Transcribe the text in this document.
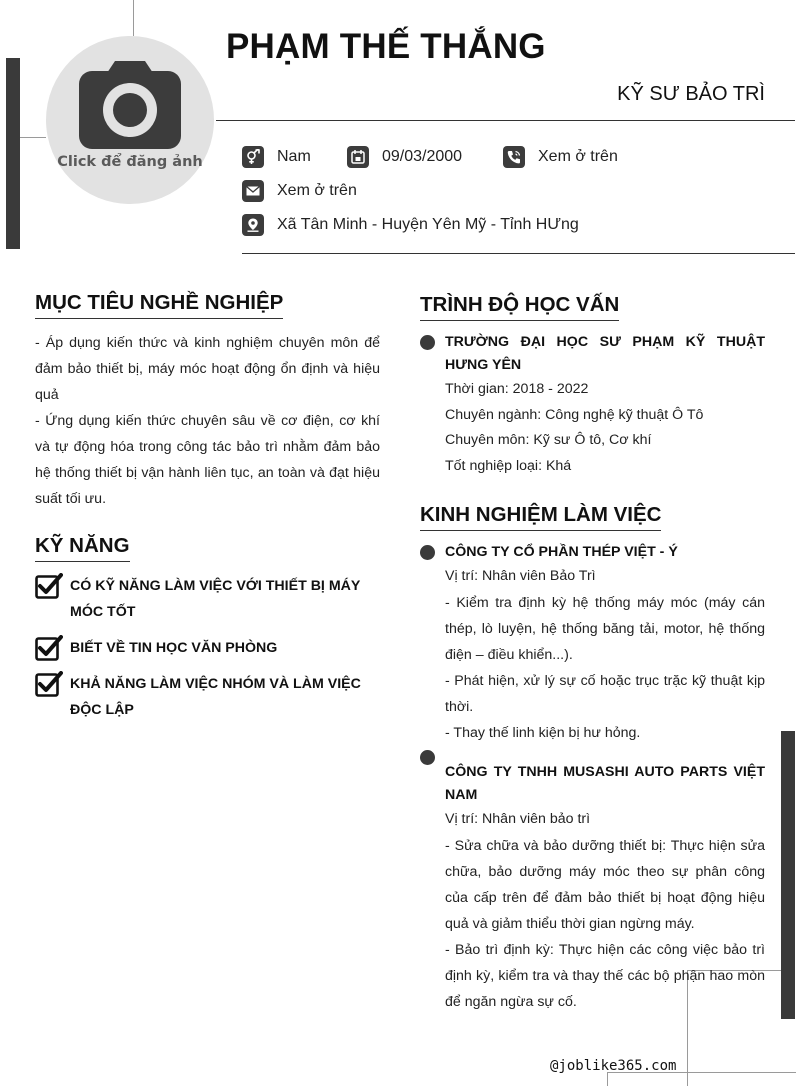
Click để đăng ảnh
PHẠM THẾ THẮNG
KỸ SƯ BẢO TRÌ
Nam	09/03/2000	Xem ở trên
Xem ở trên
Xã Tân Minh - Huyện Yên Mỹ - Tỉnh HƯng
MỤC TIÊU NGHỀ NGHIỆP
- Áp dụng kiến thức và kinh nghiệm chuyên môn để đảm bảo thiết bị, máy móc hoạt động ổn định và hiệu quả
- Ứng dụng kiến thức chuyên sâu về cơ điện, cơ khí và tự động hóa trong công tác bảo trì nhằm đảm bảo hệ thống thiết bị vận hành liên tục, an toàn và đạt hiệu suất tối ưu.
KỸ NĂNG
CÓ KỸ NĂNG LÀM VIỆC VỚI THIẾT BỊ MÁY MÓC TỐT
BIẾT VỀ TIN HỌC VĂN PHÒNG
KHẢ NĂNG LÀM VIỆC NHÓM VÀ LÀM VIỆC ĐỘC LẬP
TRÌNH ĐỘ HỌC VẤN
TRƯỜNG ĐẠI HỌC SƯ PHẠM KỸ THUẬT HƯNG YÊN
Thời gian: 2018 - 2022
Chuyên ngành: Công nghệ kỹ thuật Ô Tô
Chuyên môn: Kỹ sư Ô tô, Cơ khí
Tốt nghiệp loại: Khá
KINH NGHIỆM LÀM VIỆC
CÔNG TY CỔ PHẦN THÉP VIỆT - Ý
Vị trí: Nhân viên Bảo Trì
- Kiểm tra định kỳ hệ thống máy móc (máy cán thép, lò luyện, hệ thống băng tải, motor, hệ thống điện – điều khiển...).
- Phát hiện, xử lý sự cố hoặc trục trặc kỹ thuật kịp thời.
- Thay thế linh kiện bị hư hỏng.
CÔNG TY TNHH MUSASHI AUTO PARTS VIỆT NAM
Vị trí: Nhân viên bảo trì
- Sửa chữa và bảo dưỡng thiết bị: Thực hiện sửa chữa, bảo dưỡng máy móc theo sự phân công của cấp trên để đảm bảo thiết bị hoạt động hiệu quả và giảm thiểu thời gian ngừng máy.
- Bảo trì định kỳ: Thực hiện các công việc bảo trì định kỳ, kiểm tra và thay thế các bộ phận hao mòn để ngăn ngừa sự cố.
@joblike365.com
